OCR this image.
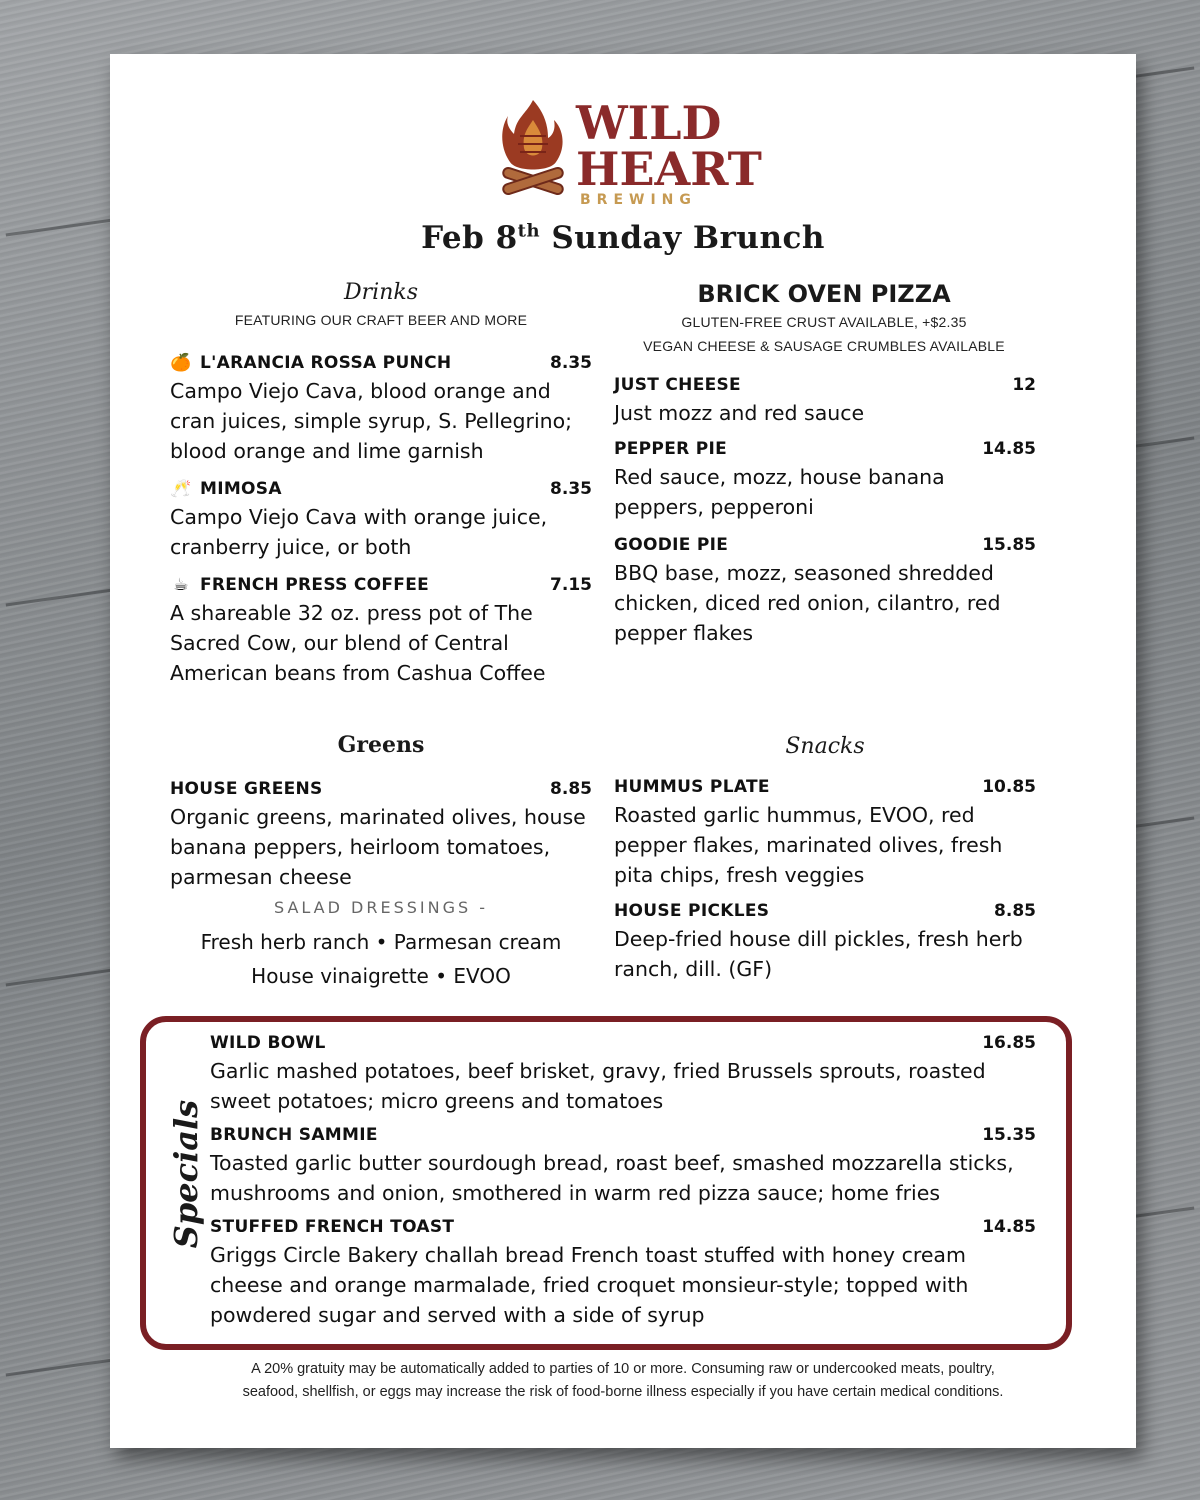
WILD
HEART
BREWING
Feb 8th Sunday Brunch
Drinks
FEATURING OUR CRAFT BEER AND MORE
🍊 L'ARANCIA ROSSA PUNCH	8.35
Campo Viejo Cava, blood orange and
cran juices, simple syrup, S. Pellegrino;
blood orange and lime garnish
🥂 MIMOSA	8.35
Campo Viejo Cava with orange juice,
cranberry juice, or both
☕ FRENCH PRESS COFFEE	7.15
A shareable 32 oz. press pot of The
Sacred Cow, our blend of Central
American beans from Cashua Coffee
BRICK OVEN PIZZA
GLUTEN-FREE CRUST AVAILABLE, +$2.35
VEGAN CHEESE & SAUSAGE CRUMBLES AVAILABLE
JUST CHEESE	12
Just mozz and red sauce
PEPPER PIE	14.85
Red sauce, mozz, house banana
peppers, pepperoni
GOODIE PIE	15.85
BBQ base, mozz, seasoned shredded
chicken, diced red onion, cilantro, red
pepper flakes
Greens
HOUSE GREENS	8.85
Organic greens, marinated olives, house
banana peppers, heirloom tomatoes,
parmesan cheese
SALAD DRESSINGS -
Fresh herb ranch • Parmesan cream
House vinaigrette • EVOO
Snacks
HUMMUS PLATE	10.85
Roasted garlic hummus, EVOO, red
pepper flakes, marinated olives, fresh
pita chips, fresh veggies
HOUSE PICKLES	8.85
Deep-fried house dill pickles, fresh herb
ranch, dill. (GF)
Specials
WILD BOWL	16.85
Garlic mashed potatoes, beef brisket, gravy, fried Brussels sprouts, roasted
sweet potatoes; micro greens and tomatoes
BRUNCH SAMMIE	15.35
Toasted garlic butter sourdough bread, roast beef, smashed mozzarella sticks,
mushrooms and onion, smothered in warm red pizza sauce; home fries
STUFFED FRENCH TOAST	14.85
Griggs Circle Bakery challah bread French toast stuffed with honey cream
cheese and orange marmalade, fried croquet monsieur-style; topped with
powdered sugar and served with a side of syrup
A 20% gratuity may be automatically added to parties of 10 or more. Consuming raw or undercooked meats, poultry,
seafood, shellfish, or eggs may increase the risk of food-borne illness especially if you have certain medical conditions.
